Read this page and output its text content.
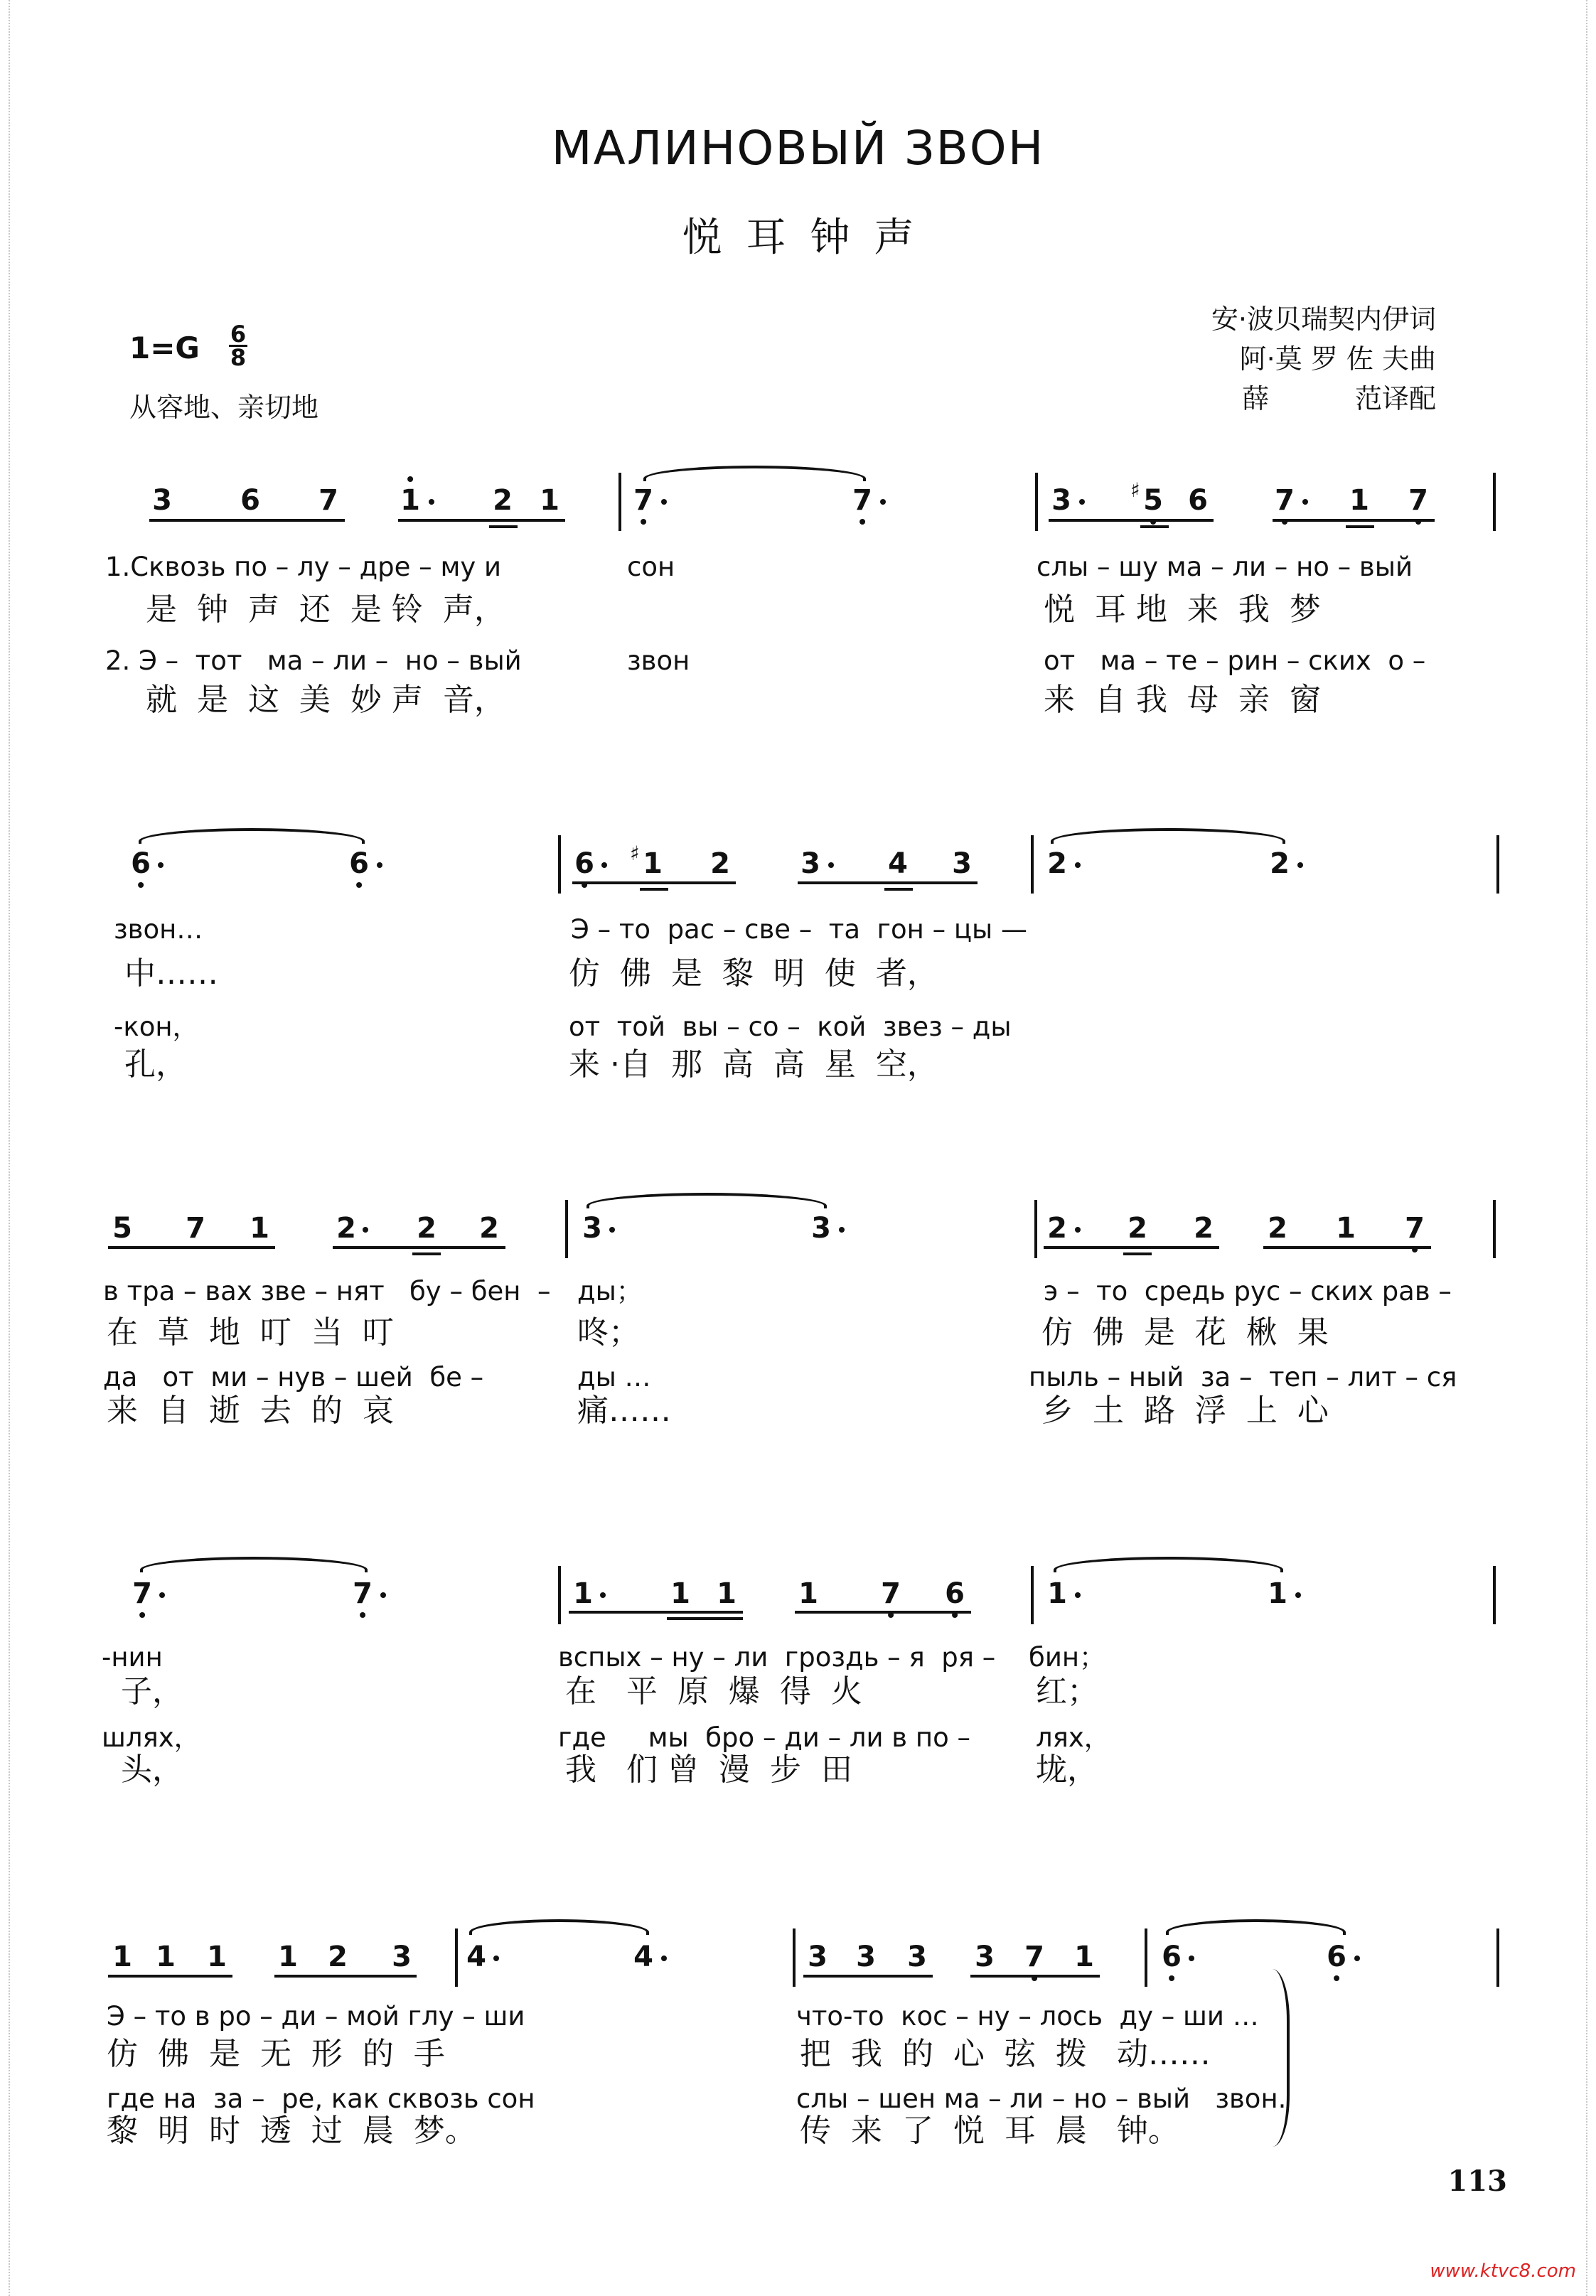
МАЛИНОВЫЙ ЗВОН
悦耳钟声
1=G 6
8
从容地、亲切地
安·波贝瑞契内伊词
阿·莫 罗 佐 夫曲
薛          范译配
3 6 7 1	2 1	7	7	3	♯ 5 6 7 1 7
1.Сквозь по – лу – дре – му и	сон	слы – шу ма – ли – но – вый
是  钟  声  还  是 铃  声，	悦  耳 地  来  我  梦
2. Э –  тот   ма – ли –  но – вый	звон	от   ма – те – рин – ских  о –
就  是  这  美  妙 声  音，	来  自 我  母  亲  窗
6	6	6 ♯ 1 2 3 4 3	2	2
звон…	Э – то  рас – све –  та  гон – цы —
中……	仿  佛  是  黎  明  使  者，
-кон，	от  той  вы – со –  кой  звез – ды
孔，	来 ·自  那  高  高  星  空，
5 7 1 2 2 2	3	3	2 2 2 2 1 7
в тра – вах зве – нят   бу – бен  – ды；	э –  то  средь рус – ских рав –
在  草  地  叮  当  叮	咚；	仿  佛  是  花  楸  果
да   от  ми – нув – шей  бе –	ды …	пыль – ный  за –  теп – лит – ся
来  自  逝  去  的  哀	痛……	乡  土  路  浮  上  心
7	7	1	1 1 1 7 6	1	1
-нин	вспых – ну – ли  гроздь – я  ря – бин；
子，	在   平  原  爆  得  火	红；
шлях，	где     мы  бро – ди – ли в по – лях，
头，	我   们 曾  漫  步  田	垅，
1 1 1 1 2 3 4	4	3 3 3 3 7 1 6	6
Э – то в ро – ди – мой глу – ши	что-то  кос – ну – лось  ду – ши …
仿  佛  是  无  形  的  手	把  我  的  心  弦  拨   动……
где на  за –  ре, как сквозь сон	слы – шен ма – ли – но – вый   звон.
黎  明  时  透  过  晨  梦。	传  来  了  悦  耳  晨   钟。
113
www.ktvc8.com
